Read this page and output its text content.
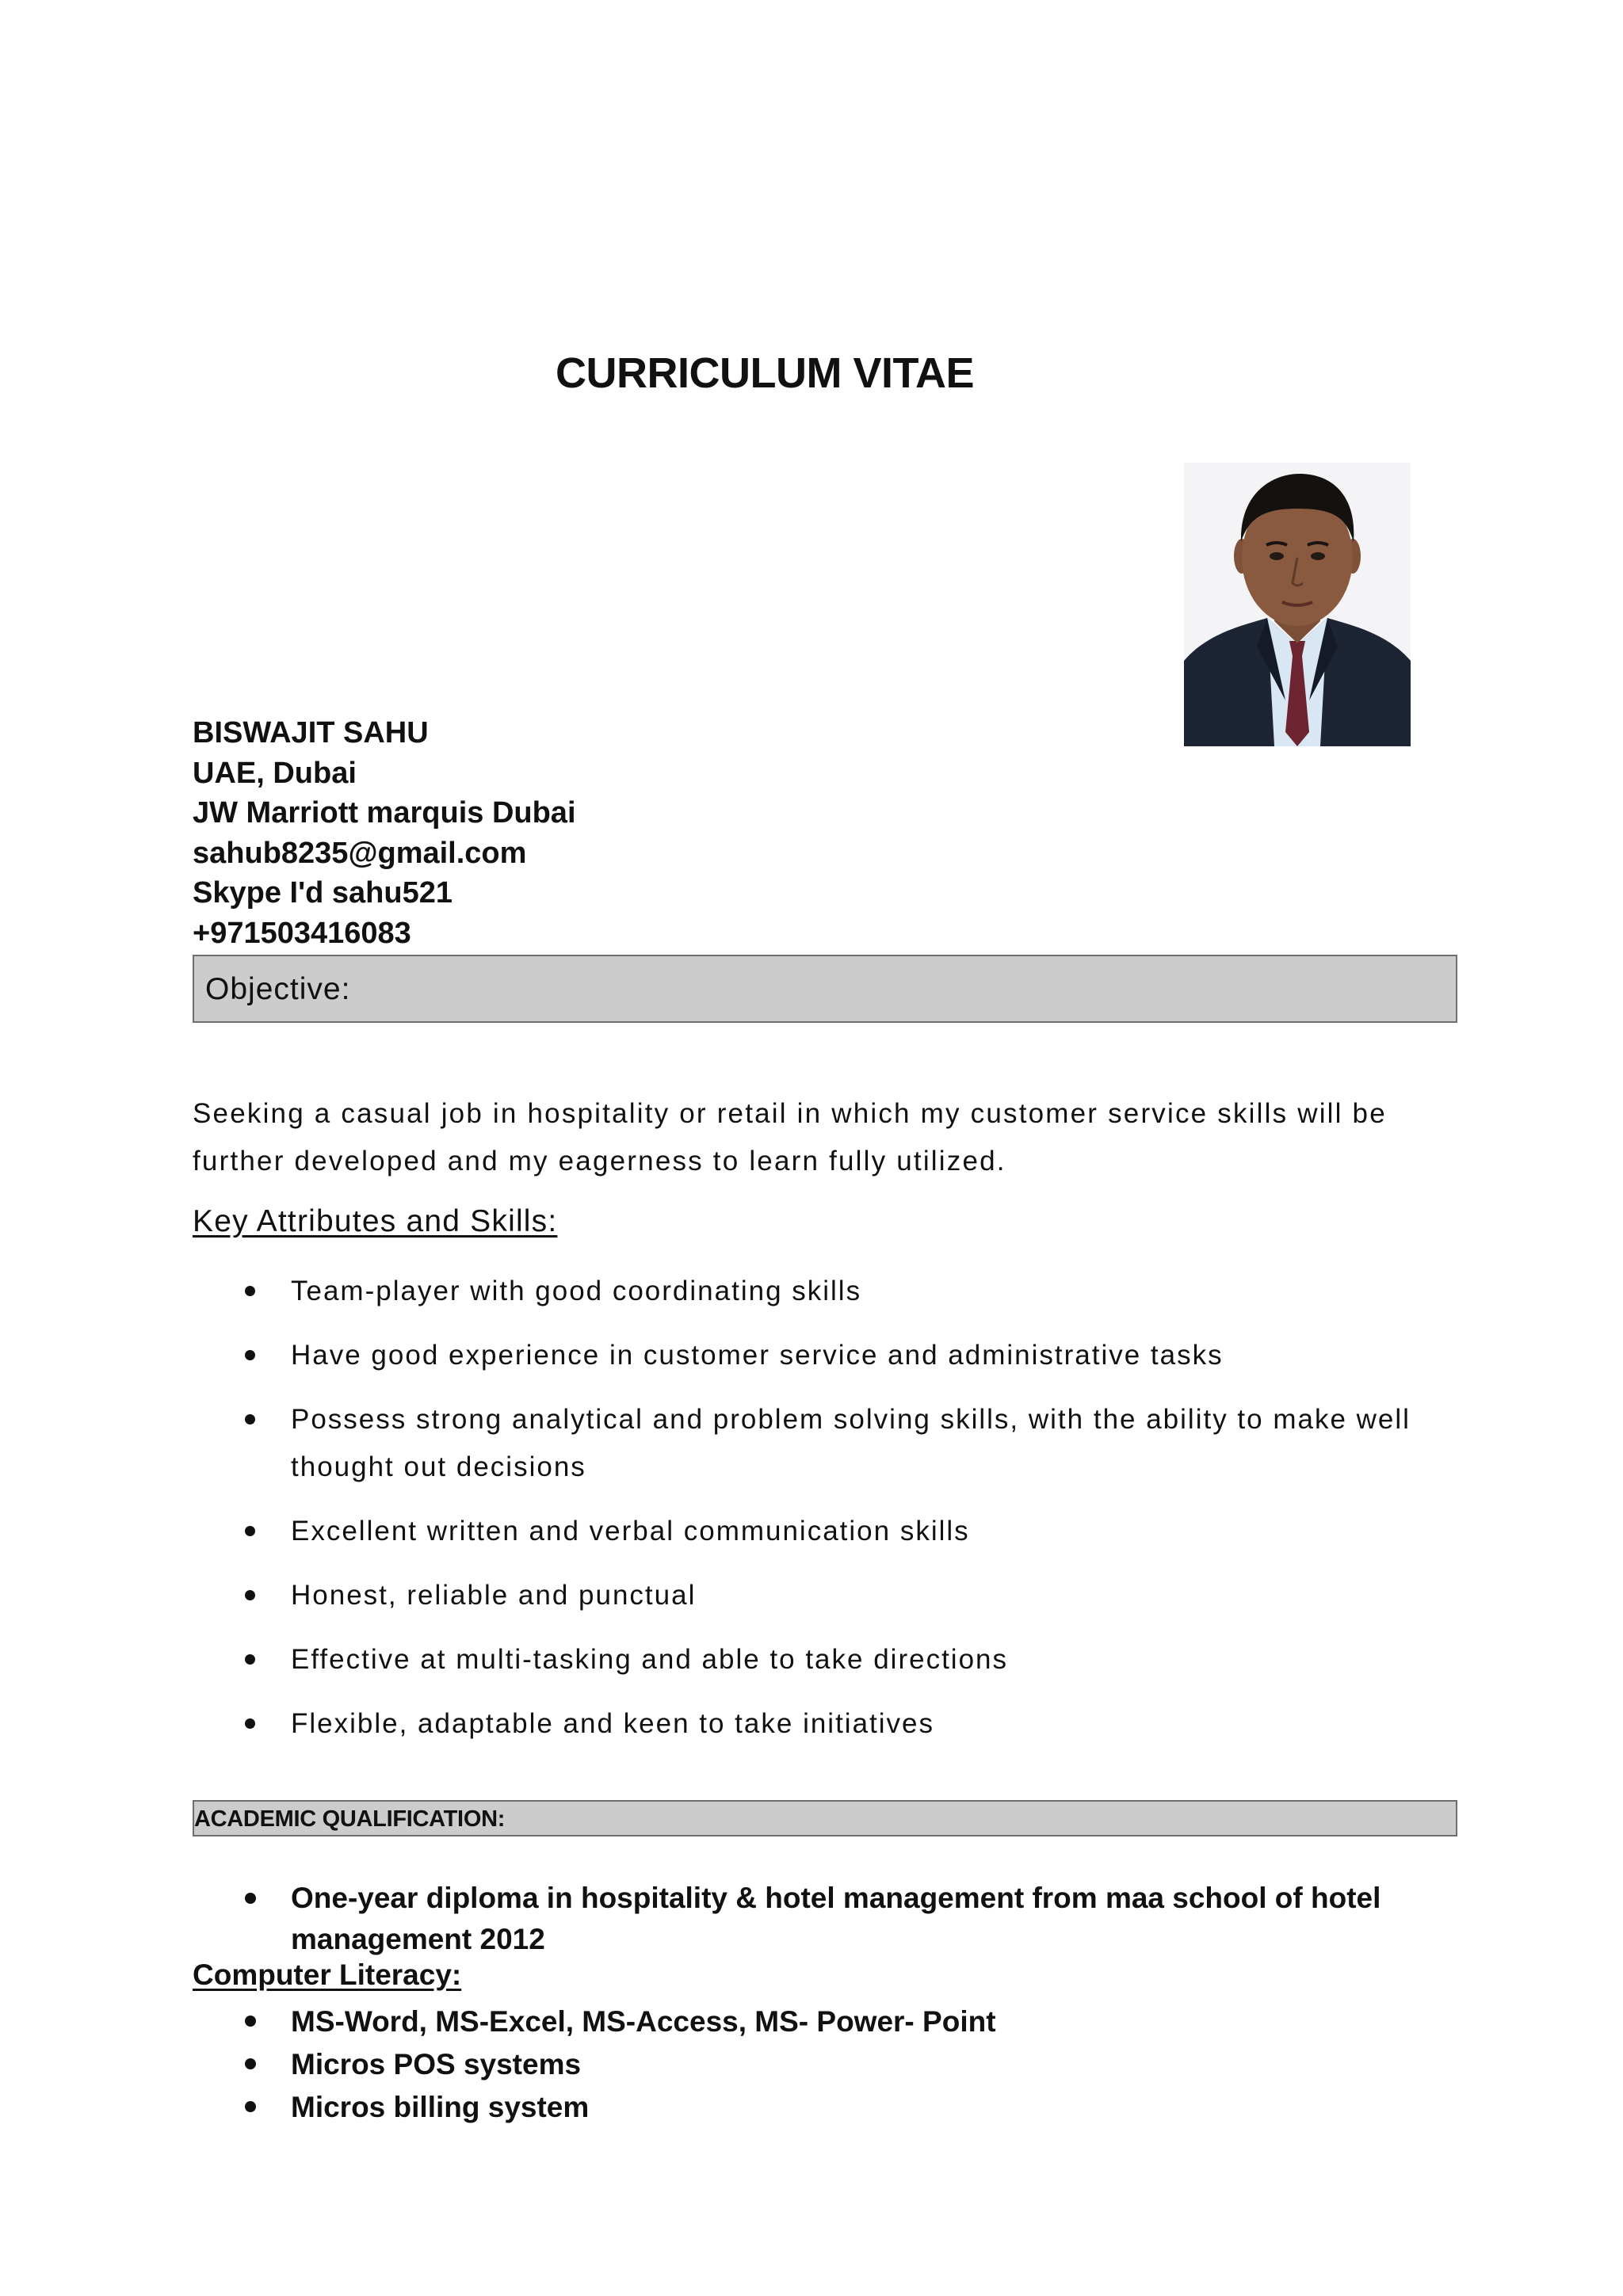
CURRICULUM VITAE
BISWAJIT SAHU
UAE, Dubai
JW Marriott marquis Dubai
sahub8235@gmail.com
Skype I'd sahu521
+971503416083
Objective:
Seeking a casual job in hospitality or retail in which my customer service skills will be further developed and my eagerness to learn fully utilized.
Key Attributes and Skills:
Team-player with good coordinating skills
Have good experience in customer service and administrative tasks
Possess strong analytical and problem solving skills, with the ability to make well thought out decisions
Excellent written and verbal communication skills
Honest, reliable and punctual
Effective at multi-tasking and able to take directions
Flexible, adaptable and keen to take initiatives
ACADEMIC QUALIFICATION:
One-year diploma in hospitality & hotel management from maa school of hotel management 2012
Computer Literacy:
MS-Word, MS-Excel, MS-Access, MS- Power- Point
Micros POS systems
Micros billing system
